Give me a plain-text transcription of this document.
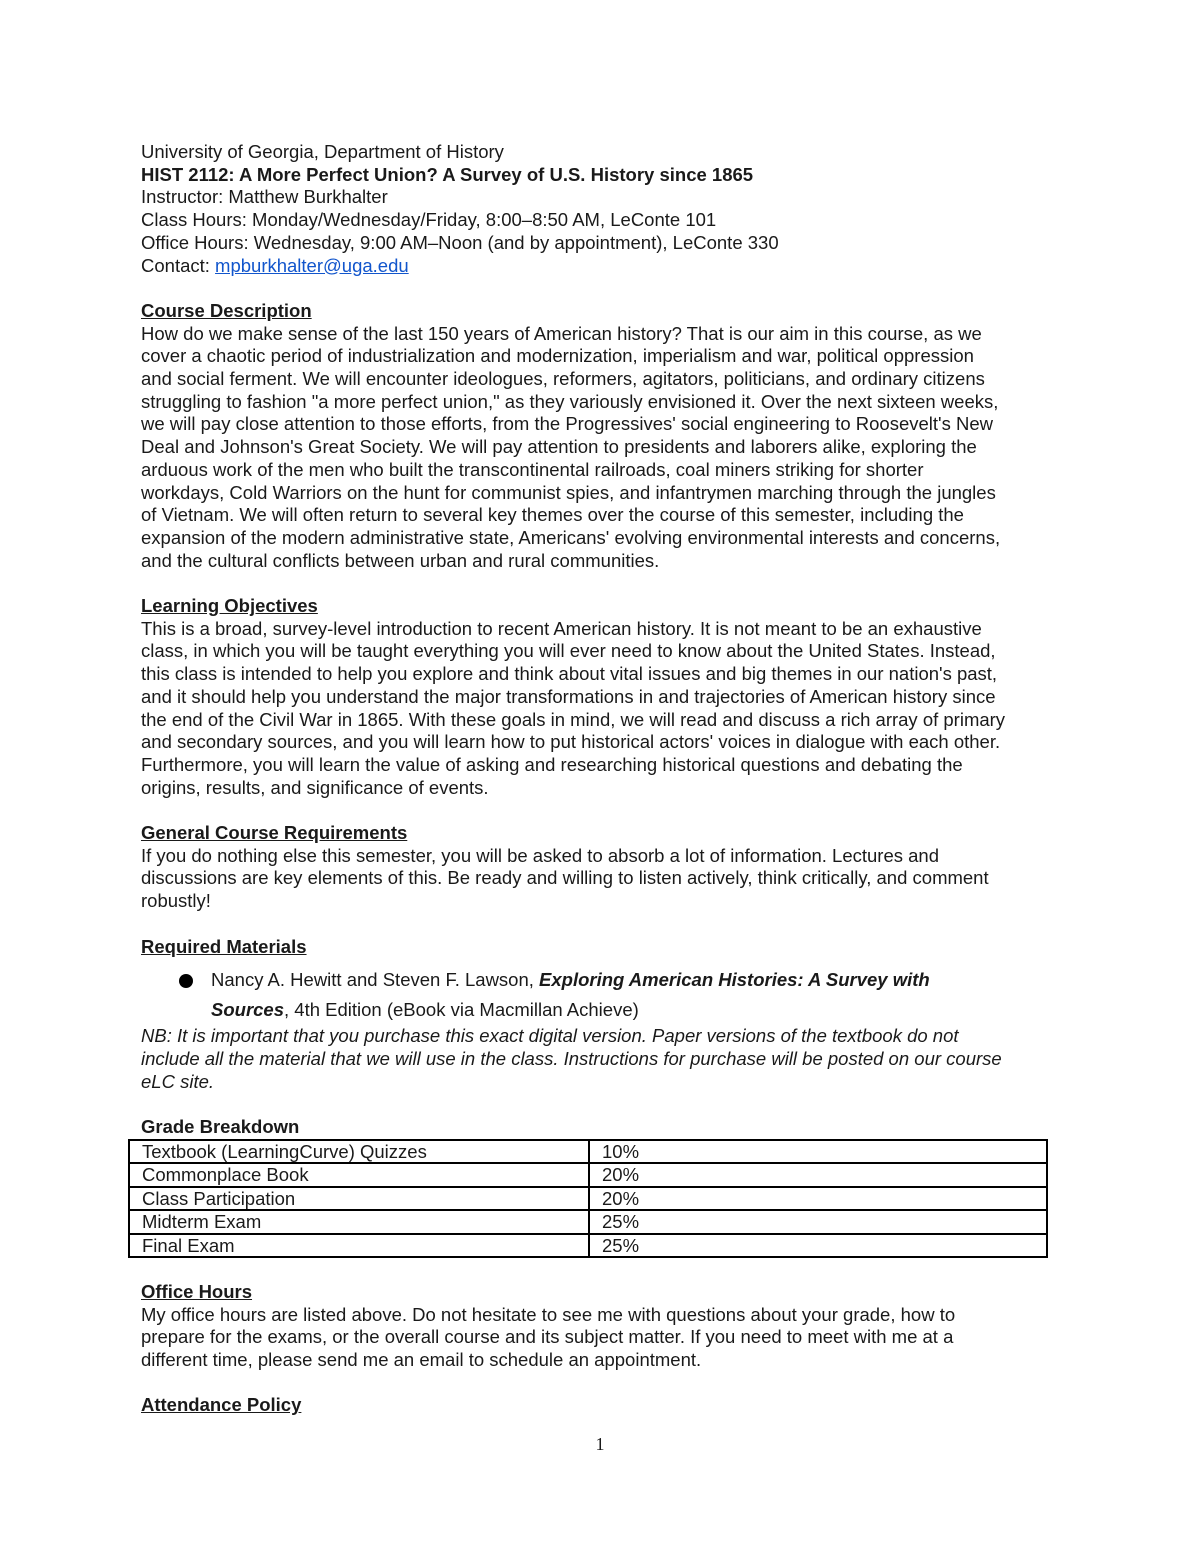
University of Georgia, Department of History
HIST 2112: A More Perfect Union? A Survey of U.S. History since 1865
Instructor: Matthew Burkhalter
Class Hours: Monday/Wednesday/Friday, 8:00–8:50 AM, LeConte 101
Office Hours: Wednesday, 9:00 AM–Noon (and by appointment), LeConte 330
Contact: mpburkhalter@uga.edu
Course Description
How do we make sense of the last 150 years of American history? That is our aim in this course, as we
cover a chaotic period of industrialization and modernization, imperialism and war, political oppression
and social ferment. We will encounter ideologues, reformers, agitators, politicians, and ordinary citizens
struggling to fashion "a more perfect union," as they variously envisioned it. Over the next sixteen weeks,
we will pay close attention to those efforts, from the Progressives' social engineering to Roosevelt's New
Deal and Johnson's Great Society. We will pay attention to presidents and laborers alike, exploring the
arduous work of the men who built the transcontinental railroads, coal miners striking for shorter
workdays, Cold Warriors on the hunt for communist spies, and infantrymen marching through the jungles
of Vietnam. We will often return to several key themes over the course of this semester, including the
expansion of the modern administrative state, Americans' evolving environmental interests and concerns,
and the cultural conflicts between urban and rural communities.
Learning Objectives
This is a broad, survey-level introduction to recent American history. It is not meant to be an exhaustive
class, in which you will be taught everything you will ever need to know about the United States. Instead,
this class is intended to help you explore and think about vital issues and big themes in our nation's past,
and it should help you understand the major transformations in and trajectories of American history since
the end of the Civil War in 1865. With these goals in mind, we will read and discuss a rich array of primary
and secondary sources, and you will learn how to put historical actors' voices in dialogue with each other.
Furthermore, you will learn the value of asking and researching historical questions and debating the
origins, results, and significance of events.
General Course Requirements
If you do nothing else this semester, you will be asked to absorb a lot of information. Lectures and
discussions are key elements of this. Be ready and willing to listen actively, think critically, and comment
robustly!
Required Materials
Nancy A. Hewitt and Steven F. Lawson, Exploring American Histories: A Survey with
Sources, 4th Edition (eBook via Macmillan Achieve)
NB: It is important that you purchase this exact digital version. Paper versions of the textbook do not
include all the material that we will use in the class. Instructions for purchase will be posted on our course
eLC site.
Grade Breakdown
Textbook (LearningCurve) Quizzes	10%
Commonplace Book	20%
Class Participation	20%
Midterm Exam	25%
Final Exam	25%
Office Hours
My office hours are listed above. Do not hesitate to see me with questions about your grade, how to
prepare for the exams, or the overall course and its subject matter. If you need to meet with me at a
different time, please send me an email to schedule an appointment.
Attendance Policy
1
